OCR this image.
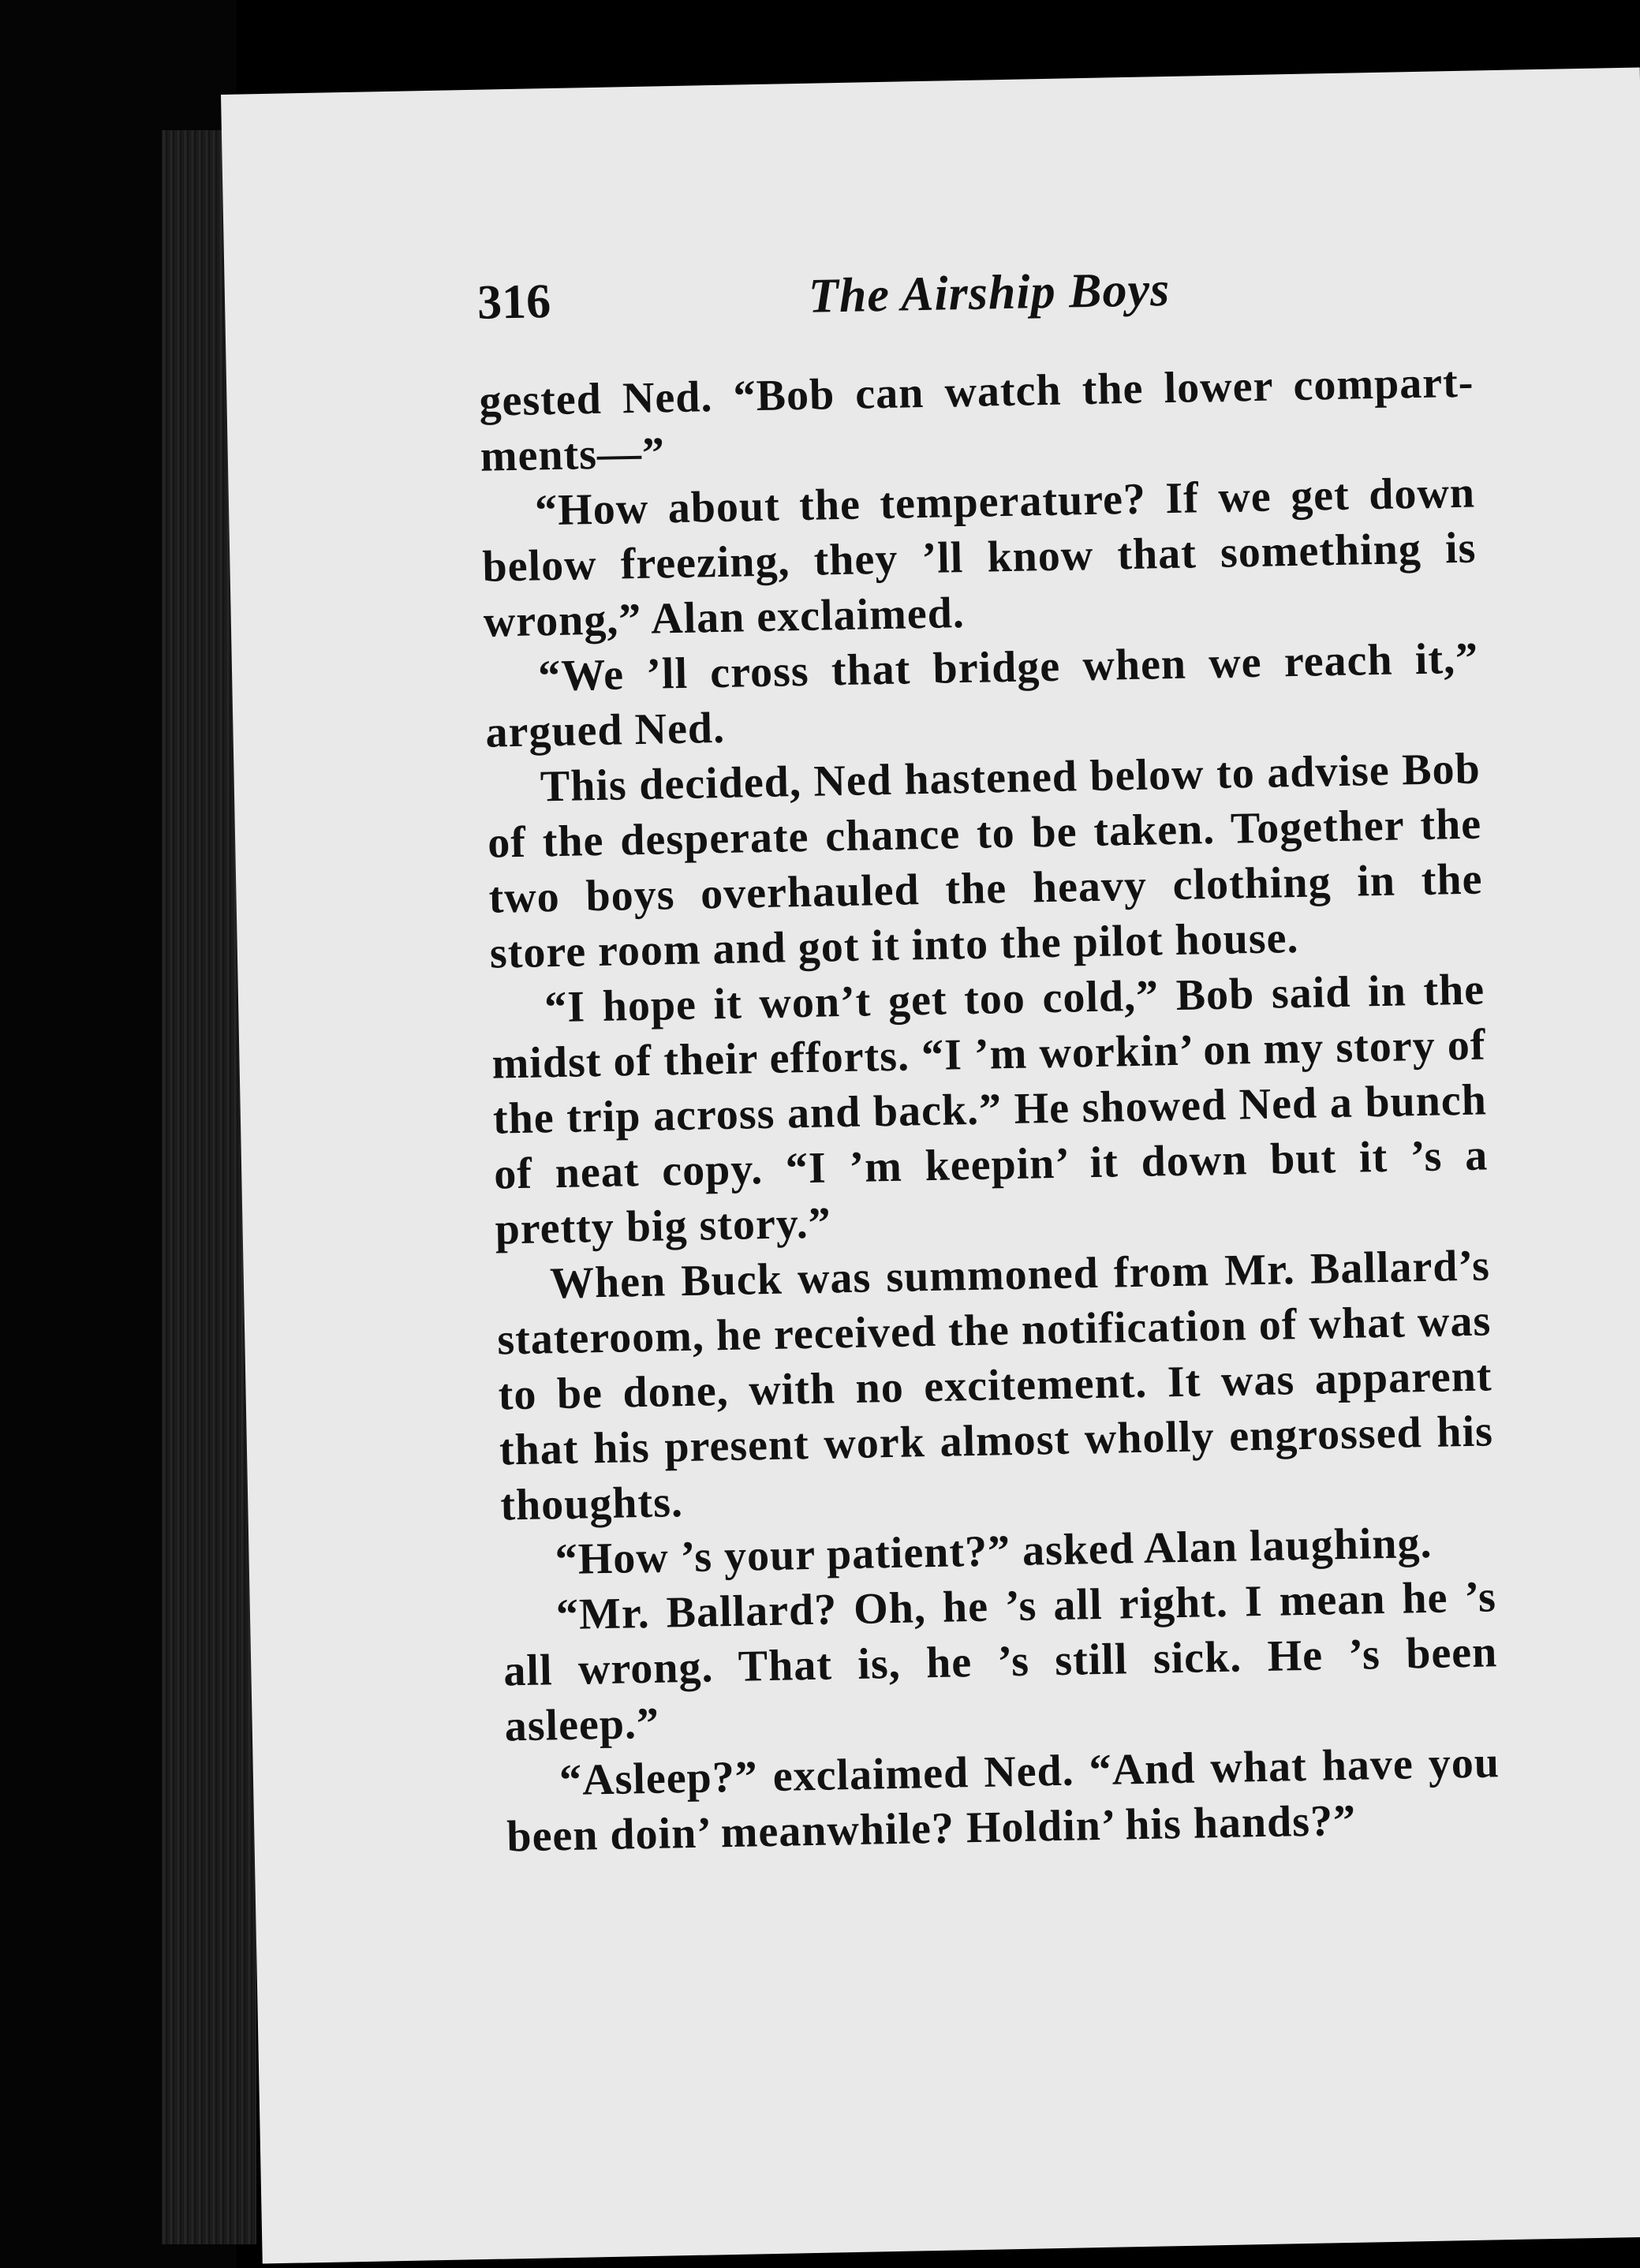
316	The Airship Boys

gested Ned. “Bob can watch the lower compartments—”

“How about the temperature? If we get down below freezing, they ’ll know that something is wrong,” Alan exclaimed.

“We ’ll cross that bridge when we reach it,” argued Ned.

This decided, Ned hastened below to advise Bob of the desperate chance to be taken. Together the two boys overhauled the heavy clothing in the store room and got it into the pilot house.

“I hope it won’t get too cold,” Bob said in the midst of their efforts. “I ’m workin’ on my story of the trip across and back.” He showed Ned a bunch of neat copy. “I ’m keepin’ it down but it ’s a pretty big story.”

When Buck was summoned from Mr. Ballard’s stateroom, he received the notification of what was to be done, with no excitement. It was apparent that his present work almost wholly engrossed his thoughts.

“How ’s your patient?” asked Alan laughing.

“Mr. Ballard? Oh, he ’s all right. I mean he ’s all wrong. That is, he ’s still sick. He ’s been asleep.”

“Asleep?” exclaimed Ned. “And what have you been doin’ meanwhile? Holdin’ his hands?”
